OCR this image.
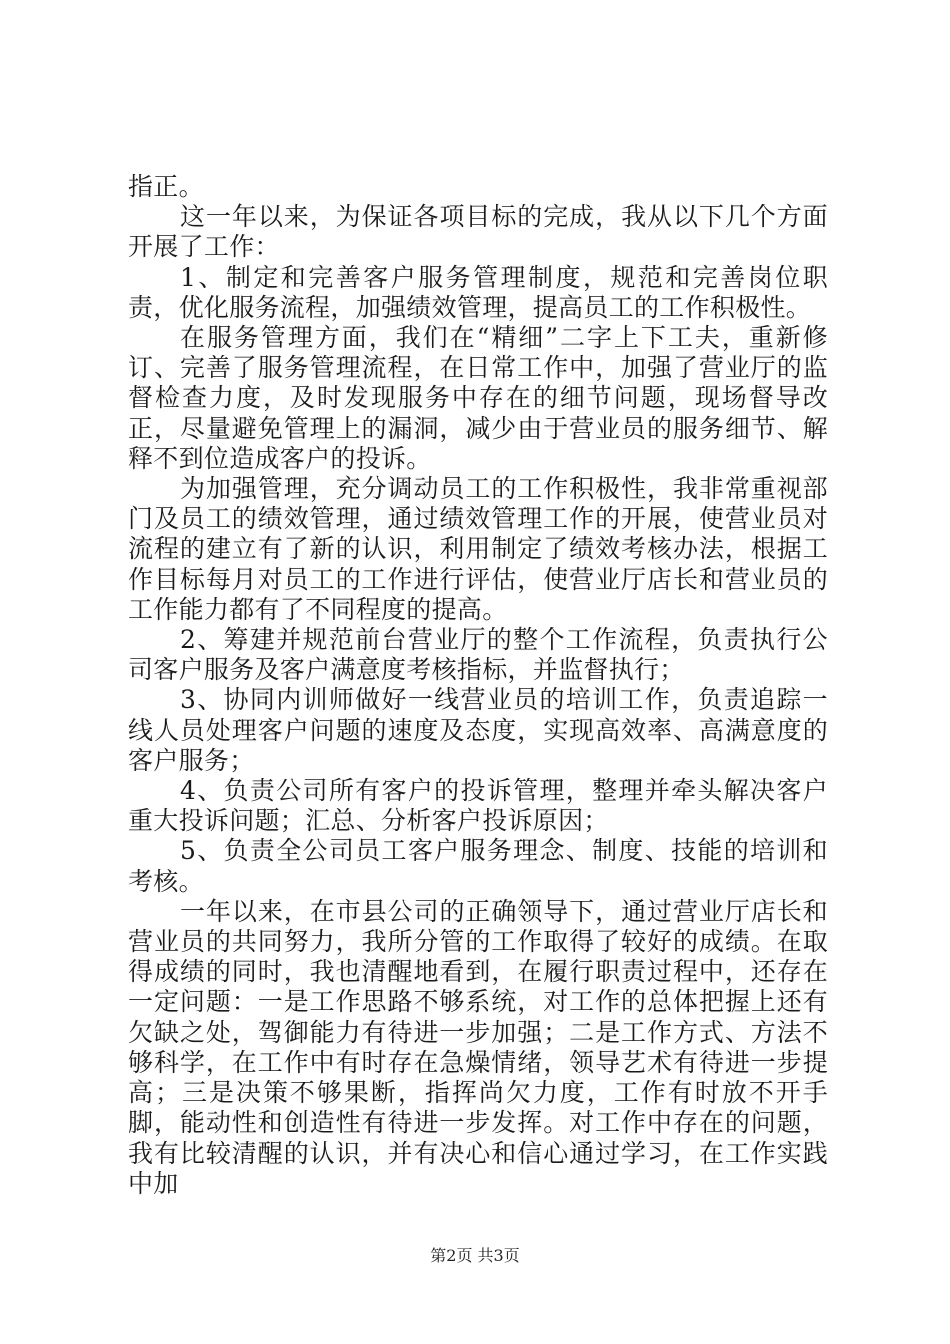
指正。

这一年以来，为保证各项目标的完成，我从以下几个方面开展了工作：

1、制定和完善客户服务管理制度，规范和完善岗位职责，优化服务流程，加强绩效管理，提高员工的工作积极性。

在服务管理方面，我们在“精细”二字上下工夫，重新修订、完善了服务管理流程，在日常工作中，加强了营业厅的监督检查力度，及时发现服务中存在的细节问题，现场督导改正，尽量避免管理上的漏洞，减少由于营业员的服务细节、解释不到位造成客户的投诉。

为加强管理，充分调动员工的工作积极性，我非常重视部门及员工的绩效管理，通过绩效管理工作的开展，使营业员对流程的建立有了新的认识，利用制定了绩效考核办法，根据工作目标每月对员工的工作进行评估，使营业厅店长和营业员的工作能力都有了不同程度的提高。

2、筹建并规范前台营业厅的整个工作流程，负责执行公司客户服务及客户满意度考核指标，并监督执行；

3、协同内训师做好一线营业员的培训工作，负责追踪一线人员处理客户问题的速度及态度，实现高效率、高满意度的客户服务；

4、负责公司所有客户的投诉管理，整理并牵头解决客户重大投诉问题；汇总、分析客户投诉原因；

5、负责全公司员工客户服务理念、制度、技能的培训和考核。

一年以来，在市县公司的正确领导下，通过营业厅店长和营业员的共同努力，我所分管的工作取得了较好的成绩。在取得成绩的同时，我也清醒地看到，在履行职责过程中，还存在一定问题：一是工作思路不够系统，对工作的总体把握上还有欠缺之处，驾御能力有待进一步加强；二是工作方式、方法不够科学，在工作中有时存在急燥情绪，领导艺术有待进一步提高；三是决策不够果断，指挥尚欠力度，工作有时放不开手脚，能动性和创造性有待进一步发挥。对工作中存在的问题，我有比较清醒的认识，并有决心和信心通过学习，在工作实践中加

第2页 共3页
